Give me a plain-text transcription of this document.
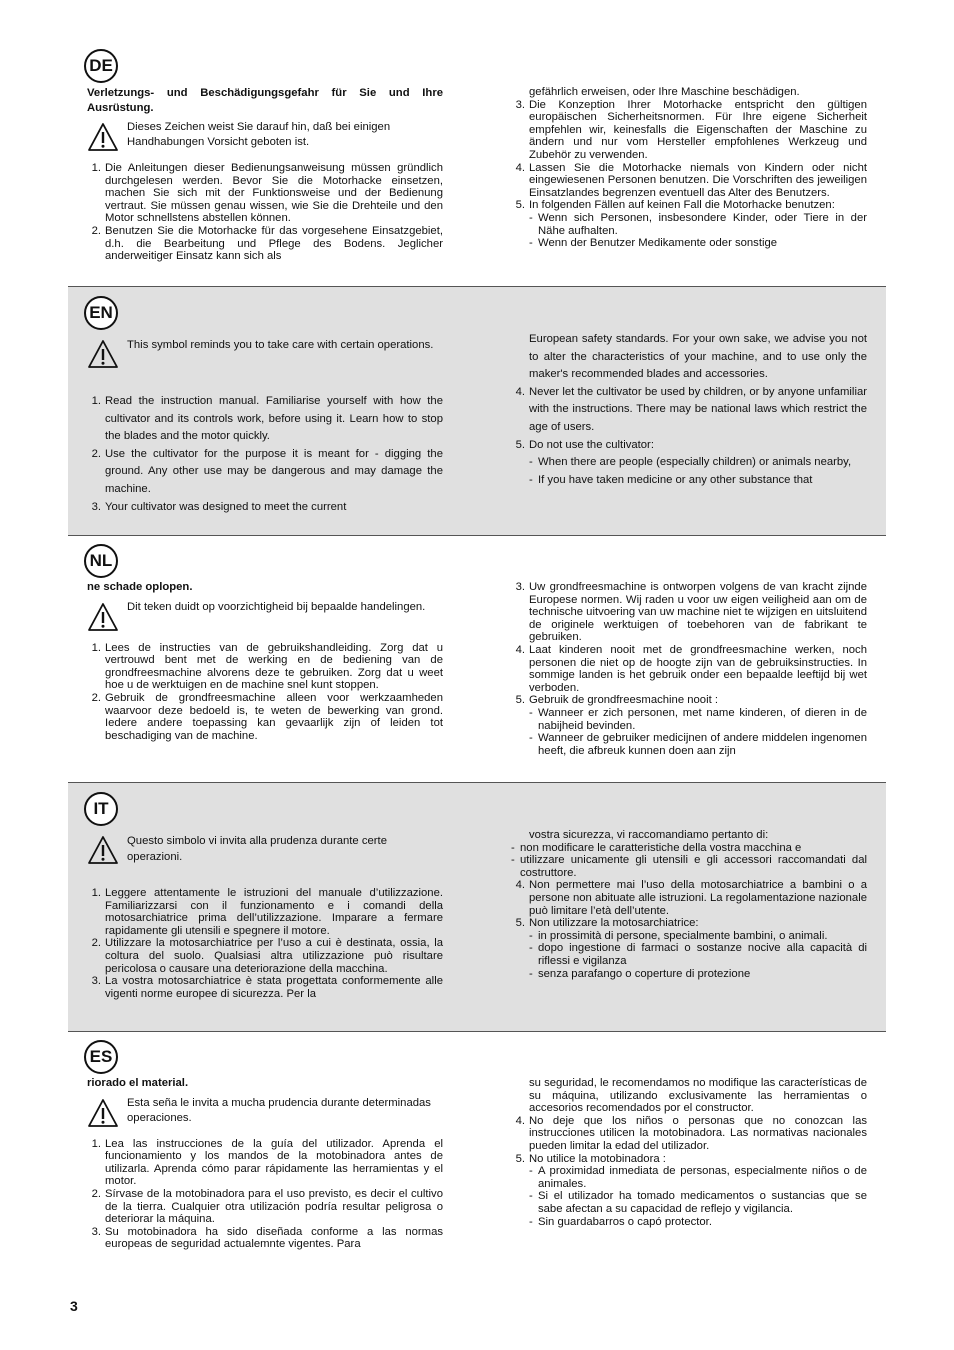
DE
Verletzungs- und Beschädigungsgefahr für Sie und Ihre Ausrüstung.
Dieses Zeichen weist Sie darauf hin, daß bei einigen Handhabungen Vorsicht geboten ist.
1. Die Anleitungen dieser Bedienungsanweisung müssen gründlich durchgelesen werden. Bevor Sie die Motorhacke einsetzen, machen Sie sich mit der Funktionsweise und der Bedienung vertraut. Sie müssen genau wissen, wie Sie die Drehteile und den Motor schnellstens abstellen können.
2. Benutzen Sie die Motorhacke für das vorgesehene Einsatzgebiet, d.h. die Bearbeitung und Pflege des Bodens. Jeglicher anderweitiger Einsatz kann sich als
gefährlich erweisen, oder Ihre Maschine beschädigen.
3. Die Konzeption Ihrer Motorhacke entspricht den gültigen europäischen Sicherheitsnormen. Für Ihre eigene Sicherheit empfehlen wir, keinesfalls die Eigenschaften der Maschine zu ändern und nur vom Hersteller empfohlenes Werkzeug und Zubehör zu verwenden.
4. Lassen Sie die Motorhacke niemals von Kindern oder nicht eingewiesenen Personen benutzen. Die Vorschriften des jeweiligen Einsatzlandes begrenzen eventuell das Alter des Benutzers.
5. In folgenden Fällen auf keinen Fall die Motorhacke benutzen:
- Wenn sich Personen, insbesondere Kinder, oder Tiere in der Nähe aufhalten.
- Wenn der Benutzer Medikamente oder sonstige
EN
This symbol reminds you to take care with certain operations.
1. Read the instruction manual. Familiarise yourself with how the cultivator and its controls work, before using it. Learn how to stop the blades and the motor quickly.
2. Use the cultivator for the purpose it is meant for - digging the ground. Any other use may be dangerous and may damage the machine.
3. Your cultivator was designed to meet the current
European safety standards. For your own sake, we advise you not to alter the characteristics of your machine, and to use only the maker's recommended blades and accessories.
4. Never let the cultivator be used by children, or by anyone unfamiliar with the instructions. There may be national laws which restrict the age of users.
5. Do not use the cultivator:
- When there are people (especially children) or animals nearby,
- If you have taken medicine or any other substance that
NL
ne schade oplopen.
Dit teken duidt op voorzichtigheid bij bepaalde handelingen.
1. Lees de instructies van de gebruikshandleiding. Zorg dat u vertrouwd bent met de werking en de bediening van de grondfreesmachine alvorens deze te gebruiken. Zorg dat u weet hoe u de werktuigen en de machine snel kunt stoppen.
2. Gebruik de grondfreesmachine alleen voor werkzaamheden waarvoor deze bedoeld is, te weten de bewerking van grond. Iedere andere toepassing kan gevaarlijk zijn of leiden tot beschadiging van de machine.
3. Uw grondfreesmachine is ontworpen volgens de van kracht zijnde Europese normen. Wij raden u voor uw eigen veiligheid aan om de technische uitvoering van uw machine niet te wijzigen en uitsluitend de originele werktuigen of toebehoren van de fabrikant te gebruiken.
4. Laat kinderen nooit met de grondfreesmachine werken, noch personen die niet op de hoogte zijn van de gebruiksinstructies. In sommige landen is het gebruik onder een bepaalde leeftijd bij wet verboden.
5. Gebruik de grondfreesmachine nooit :
- Wanneer er zich personen, met name kinderen, of dieren in de nabijheid bevinden.
- Wanneer de gebruiker medicijnen of andere middelen ingenomen heeft, die afbreuk kunnen doen aan zijn
IT
Questo simbolo vi invita alla prudenza durante certe operazioni.
1. Leggere attentamente le istruzioni del manuale d’utilizzazione. Familiarizzarsi con il funzionamento e i comandi della motosarchiatrice prima dell’utilizzazione. Imparare a fermare rapidamente gli utensili e spegnere il motore.
2. Utilizzare la motosarchiatrice per l’uso a cui è destinata, ossia, la coltura del suolo. Qualsiasi altra utilizzazione può risultare pericolosa o causare una deteriorazione della macchina.
3. La vostra motosarchiatrice è stata progettata conformemente alle vigenti norme europee di sicurezza. Per la
vostra sicurezza, vi raccomandiamo pertanto di:
- non modificare le caratteristiche della vostra macchina e
- utilizzare unicamente gli utensili e gli accessori raccomandati dal costruttore.
4. Non permettere mai l’uso della motosarchiatrice a bambini o a persone non abituate alle istruzioni. La regolamentazione nazionale può limitare l’età dell’utente.
5. Non utilizzare la motosarchiatrice:
- in prossimità di persone, specialmente bambini, o animali.
- dopo ingestione di farmaci o sostanze nocive alla capacità di riflessi e vigilanza
- senza parafango o coperture di protezione
ES
riorado el material.
Esta seña le invita a mucha prudencia durante determinadas operaciones.
1. Lea las instrucciones de la guía del utilizador. Aprenda el funcionamiento y los mandos de la motobinadora antes de utilizarla. Aprenda cómo parar rápidamente las herramientas y el motor.
2. Sírvase de la motobinadora para el uso previsto, es decir el cultivo de la tierra. Cualquier otra utilización podría resultar peligrosa o deteriorar la máquina.
3. Su motobinadora ha sido diseñada conforme a las normas europeas de seguridad actualemnte vigentes. Para
su seguridad, le recomendamos no modifique las características de su máquina, utilizando exclusivamente las herramientas o accesorios recomendados por el constructor.
4. No deje que los niños o personas que no conozcan las instrucciones utilicen la motobinadora. Las normativas nacionales pueden limitar la edad del utilizador.
5. No utilice la motobinadora :
- A proximidad inmediata de personas, especialmente niños o de animales.
- Si el utilizador ha tomado medicamentos o sustancias que se sabe afectan a su capacidad de reflejo y vigilancia.
- Sin guardabarros o capó protector.
3
